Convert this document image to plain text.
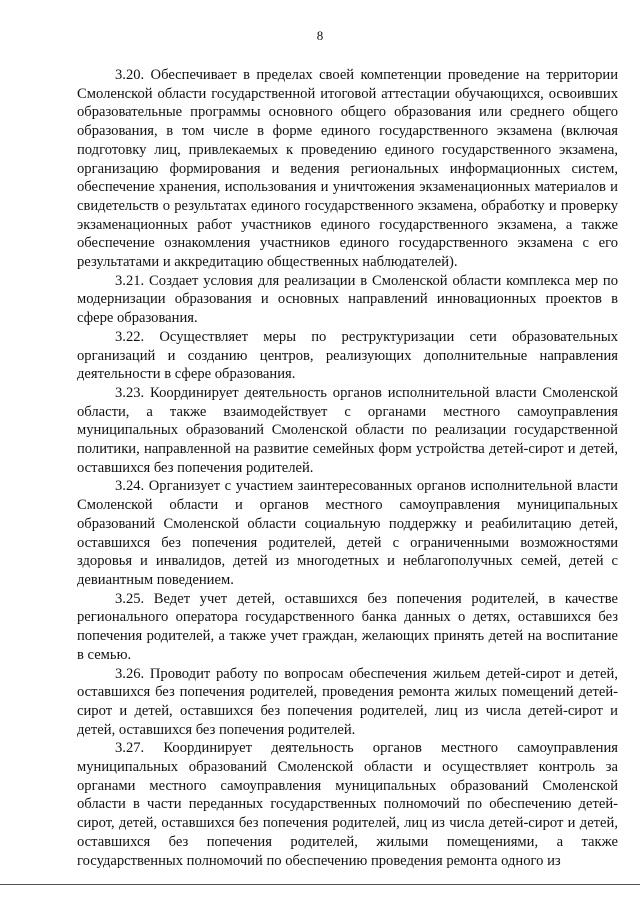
8

3.20. Обеспечивает в пределах своей компетенции проведение на территории Смоленской области государственной итоговой аттестации обучающихся, освоивших образовательные программы основного общего образования или среднего общего образования, в том числе в форме единого государственного экзамена (включая подготовку лиц, привлекаемых к проведению единого государственного экзамена, организацию формирования и ведения региональных информационных систем, обеспечение хранения, использования и уничтожения экзаменационных материалов и свидетельств о результатах единого государственного экзамена, обработку и проверку экзаменационных работ участников единого государственного экзамена, а также обеспечение ознакомления участников единого государственного экзамена с его результатами и аккредитацию общественных наблюдателей).

3.21. Создает условия для реализации в Смоленской области комплекса мер по модернизации образования и основных направлений инновационных проектов в сфере образования.

3.22. Осуществляет меры по реструктуризации сети образовательных организаций и созданию центров, реализующих дополнительные направления деятельности в сфере образования.

3.23. Координирует деятельность органов исполнительной власти Смоленской области, а также взаимодействует с органами местного самоуправления муниципальных образований Смоленской области по реализации государственной политики, направленной на развитие семейных форм устройства детей-сирот и детей, оставшихся без попечения родителей.

3.24. Организует с участием заинтересованных органов исполнительной власти Смоленской области и органов местного самоуправления муниципальных образований Смоленской области социальную поддержку и реабилитацию детей, оставшихся без попечения родителей, детей с ограниченными возможностями здоровья и инвалидов, детей из многодетных и неблагополучных семей, детей с девиантным поведением.

3.25. Ведет учет детей, оставшихся без попечения родителей, в качестве регионального оператора государственного банка данных о детях, оставшихся без попечения родителей, а также учет граждан, желающих принять детей на воспитание в семью.

3.26. Проводит работу по вопросам обеспечения жильем детей-сирот и детей, оставшихся без попечения родителей, проведения ремонта жилых помещений детей-сирот и детей, оставшихся без попечения родителей, лиц из числа детей-сирот и детей, оставшихся без попечения родителей.

3.27. Координирует деятельность органов местного самоуправления муниципальных образований Смоленской области и осуществляет контроль за органами местного самоуправления муниципальных образований Смоленской области в части переданных государственных полномочий по обеспечению детей-сирот, детей, оставшихся без попечения родителей, лиц из числа детей-сирот и детей, оставшихся без попечения родителей, жилыми помещениями, а также государственных полномочий по обеспечению проведения ремонта одного из
